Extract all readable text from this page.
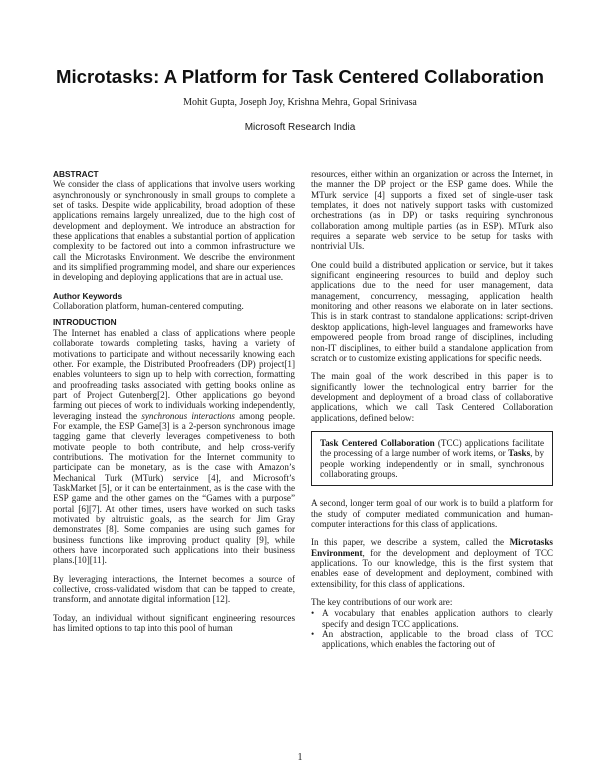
Microtasks: A Platform for Task Centered Collaboration
Mohit Gupta, Joseph Joy, Krishna Mehra, Gopal Srinivasa
Microsoft Research India
ABSTRACT

We consider the class of applications that involve users working asynchronously or synchronously in small groups to complete a set of tasks. Despite wide applicability, broad adoption of these applications remains largely unrealized, due to the high cost of development and deployment. We introduce an abstraction for these applications that enables a substantial portion of application complexity to be factored out into a common infrastructure we call the Microtasks Environment. We describe the environment and its simplified programming model, and share our experiences in developing and deploying applications that are in actual use.

Author Keywords

Collaboration platform, human-centered computing.

INTRODUCTION

The Internet has enabled a class of applications where people collaborate towards completing tasks, having a variety of motivations to participate and without necessarily knowing each other. For example, the Distributed Proofreaders (DP) project[1] enables volunteers to sign up to help with correction, formatting and proofreading tasks associated with getting books online as part of Project Gutenberg[2]. Other applications go beyond farming out pieces of work to individuals working independently, leveraging instead the synchronous interactions among people. For example, the ESP Game[3] is a 2-person synchronous image tagging game that cleverly leverages competiveness to both motivate people to both contribute, and help cross-verify contributions. The motivation for the Internet community to participate can be monetary, as is the case with Amazon’s Mechanical Turk (MTurk) service [4], and Microsoft’s TaskMarket [5], or it can be entertainment, as is the case with the ESP game and the other games on the “Games with a purpose” portal [6][7]. At other times, users have worked on such tasks motivated by altruistic goals, as the search for Jim Gray demonstrates [8]. Some companies are using such games for business functions like improving product quality [9], while others have incorporated such applications into their business plans.[10][11].

By leveraging interactions, the Internet becomes a source of collective, cross-validated wisdom that can be tapped to create, transform, and annotate digital information [12].

Today, an individual without significant engineering resources has limited options to tap into this pool of human

resources, either within an organization or across the Internet, in the manner the DP project or the ESP game does. While the MTurk service [4] supports a fixed set of single-user task templates, it does not natively support tasks with customized orchestrations (as in DP) or tasks requiring synchronous collaboration among multiple parties (as in ESP). MTurk also requires a separate web service to be setup for tasks with nontrivial UIs.

One could build a distributed application or service, but it takes significant engineering resources to build and deploy such applications due to the need for user management, data management, concurrency, messaging, application health monitoring and other reasons we elaborate on in later sections. This is in stark contrast to standalone applications: script-driven desktop applications, high-level languages and frameworks have empowered people from broad range of disciplines, including non-IT disciplines, to either build a standalone application from scratch or to customize existing applications for specific needs.

The main goal of the work described in this paper is to significantly lower the technological entry barrier for the development and deployment of a broad class of collaborative applications, which we call Task Centered Collaboration applications, defined below:

Task Centered Collaboration (TCC) applications facilitate the processing of a large number of work items, or Tasks, by people working independently or in small, synchronous collaborating groups.

A second, longer term goal of our work is to build a platform for the study of computer mediated communication and human-computer interactions for this class of applications.

In this paper, we describe a system, called the Microtasks Environment, for the development and deployment of TCC applications. To our knowledge, this is the first system that enables ease of development and deployment, combined with extensibility, for this class of applications.

The key contributions of our work are:

• A vocabulary that enables application authors to clearly specify and design TCC applications.
• An abstraction, applicable to the broad class of TCC applications, which enables the factoring out of
1
